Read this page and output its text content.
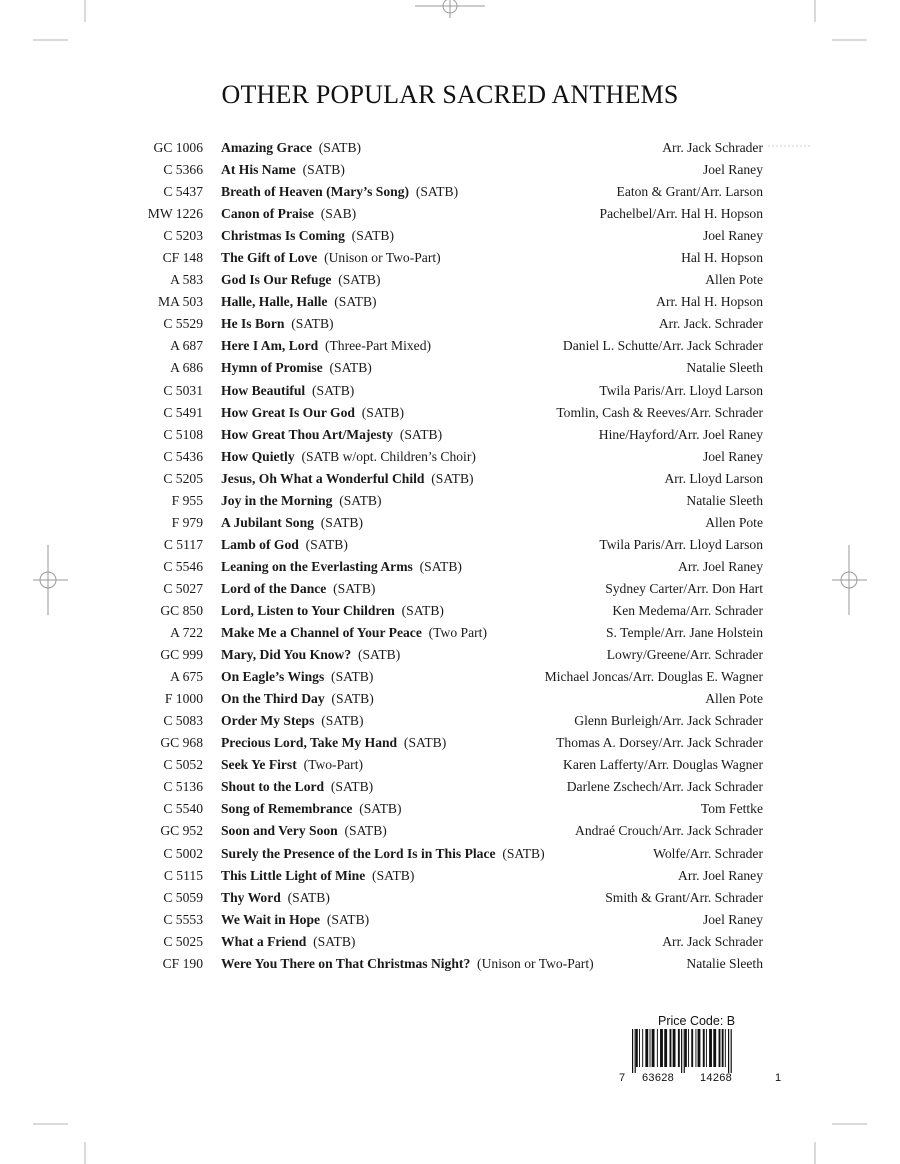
OTHER POPULAR SACRED ANTHEMS
GC 1006 Amazing Grace (SATB)	Arr. Jack Schrader
C 5366 At His Name (SATB)	Joel Raney
C 5437 Breath of Heaven (Mary’s Song) (SATB)	Eaton & Grant/Arr. Larson
MW 1226 Canon of Praise (SAB)	Pachelbel/Arr. Hal H. Hopson
C 5203 Christmas Is Coming (SATB)	Joel Raney
CF 148 The Gift of Love (Unison or Two-Part)	Hal H. Hopson
A 583 God Is Our Refuge (SATB)	Allen Pote
MA 503 Halle, Halle, Halle (SATB)	Arr. Hal H. Hopson
C 5529 He Is Born (SATB)	Arr. Jack. Schrader
A 687 Here I Am, Lord (Three-Part Mixed)	Daniel L. Schutte/Arr. Jack Schrader
A 686 Hymn of Promise (SATB)	Natalie Sleeth
C 5031 How Beautiful (SATB)	Twila Paris/Arr. Lloyd Larson
C 5491 How Great Is Our God (SATB)	Tomlin, Cash & Reeves/Arr. Schrader
C 5108 How Great Thou Art/Majesty (SATB)	Hine/Hayford/Arr. Joel Raney
C 5436 How Quietly (SATB w/opt. Children’s Choir)	Joel Raney
C 5205 Jesus, Oh What a Wonderful Child (SATB)	Arr. Lloyd Larson
F 955 Joy in the Morning (SATB)	Natalie Sleeth
F 979 A Jubilant Song (SATB)	Allen Pote
C 5117 Lamb of God (SATB)	Twila Paris/Arr. Lloyd Larson
C 5546 Leaning on the Everlasting Arms (SATB)	Arr. Joel Raney
C 5027 Lord of the Dance (SATB)	Sydney Carter/Arr. Don Hart
GC 850 Lord, Listen to Your Children (SATB)	Ken Medema/Arr. Schrader
A 722 Make Me a Channel of Your Peace (Two Part)	S. Temple/Arr. Jane Holstein
GC 999 Mary, Did You Know? (SATB)	Lowry/Greene/Arr. Schrader
A 675 On Eagle’s Wings (SATB)	Michael Joncas/Arr. Douglas E. Wagner
F 1000 On the Third Day (SATB)	Allen Pote
C 5083 Order My Steps (SATB)	Glenn Burleigh/Arr. Jack Schrader
GC 968 Precious Lord, Take My Hand (SATB)	Thomas A. Dorsey/Arr. Jack Schrader
C 5052 Seek Ye First (Two-Part)	Karen Lafferty/Arr. Douglas Wagner
C 5136 Shout to the Lord (SATB)	Darlene Zschech/Arr. Jack Schrader
C 5540 Song of Remembrance (SATB)	Tom Fettke
GC 952 Soon and Very Soon (SATB)	Andraé Crouch/Arr. Jack Schrader
C 5002 Surely the Presence of the Lord Is in This Place (SATB)	Wolfe/Arr. Schrader
C 5115 This Little Light of Mine (SATB)	Arr. Joel Raney
C 5059 Thy Word (SATB)	Smith & Grant/Arr. Schrader
C 5553 We Wait in Hope (SATB)	Joel Raney
C 5025 What a Friend (SATB)	Arr. Jack Schrader
CF 190 Were You There on That Christmas Night? (Unison or Two-Part)	Natalie Sleeth
Price Code: B
7 63628 14268	1
